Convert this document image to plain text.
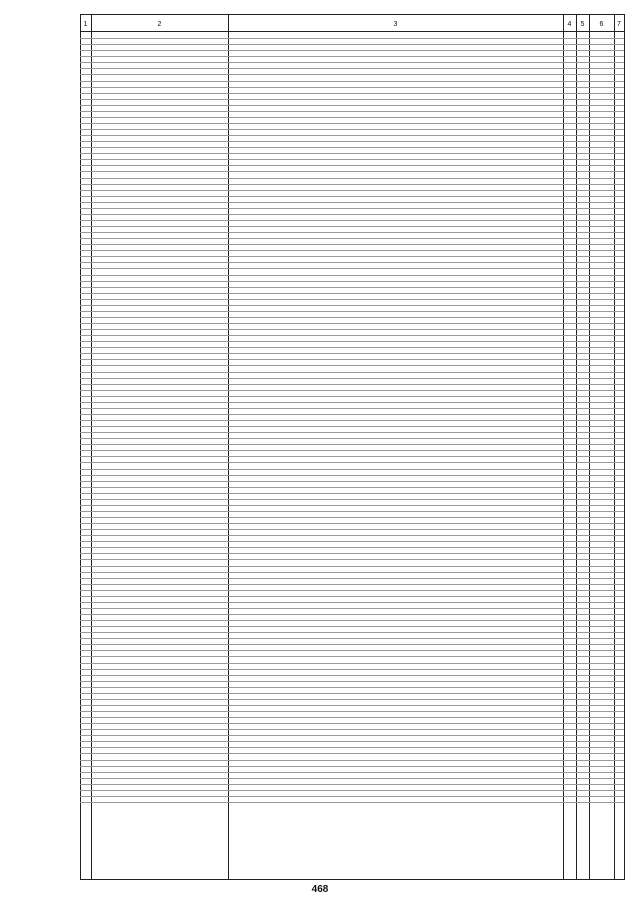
1	2	3	4	5	6	7
468
